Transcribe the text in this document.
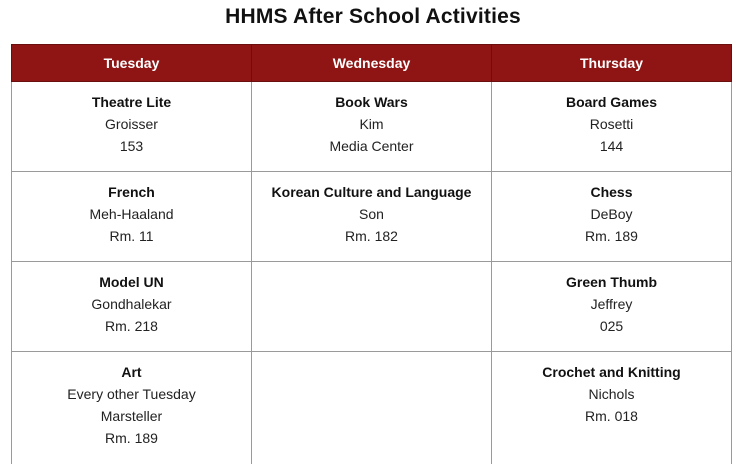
HHMS After School Activities
Tuesday	Wednesday	Thursday

Theatre Lite
Groisser
153	Book Wars
Kim
Media Center	Board Games
Rosetti
144

French
Meh-Haaland
Rm. 11	Korean Culture and Language
Son
Rm. 182	Chess
DeBoy
Rm. 189

Model UN
Gondhalekar
Rm. 218		Green Thumb
Jeffrey
025

Art
Every other Tuesday
Marsteller
Rm. 189		Crochet and Knitting
Nichols
Rm. 018
